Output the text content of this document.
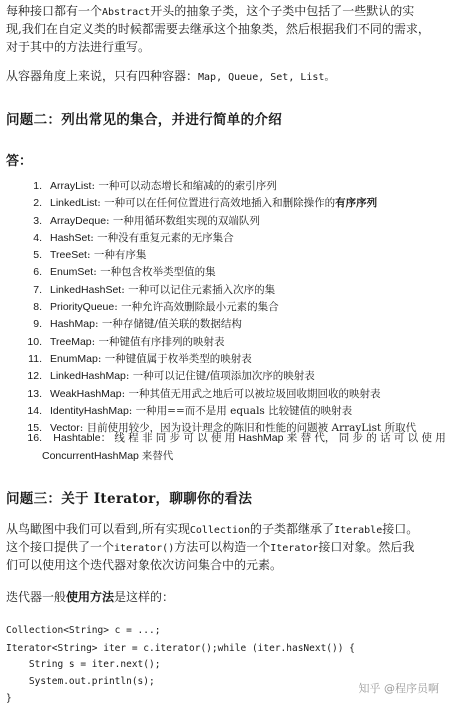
每种接口都有一个Abstract开头的抽象子类，这个子类中包括了一些默认的实

现,我们在自定义类的时候都需要去继承这个抽象类，然后根据我们不同的需求，

对于其中的方法进行重写。

从容器角度上来说，只有四种容器：Map, Queue, Set, List。

问题二：列出常见的集合，并进行简单的介绍
答：
1. ArrayList : 一种可以动态增长和缩减的的索引序列
2. LinkedList : 一种可以在任何位置进行高效地插入和删除操作的 有序序列
3. ArrayDeque : 一种用循环数组实现的双端队列
4. HashSet : 一种没有重复元素的无序集合
5. TreeSet : 一种有序集
6. EnumSet : 一种包含枚举类型值的集
7. LinkedHashSet : 一种可以记住元素插入次序的集
8. PriorityQueue : 一种允许高效删除最小元素的集合
9. HashMap : 一种存储键/值关联的数据结构
10. TreeMap : 一种键值有序排列的映射表
11. EnumMap : 一种键值属于枚举类型的映射表
12. LinkedHashMap : 一种可以记住键/值项添加次序的映射表
13. WeakHashMap : 一种其值无用武之地后可以被垃圾回收期回收的映射表
14. IdentityHashMap : 一种用==而不是用 equals 比较键值的映射表
15. Vector : 目前使用较少，因为设计理念的陈旧和性能的问题被 ArrayList 所取代
16.	Hashtable： 线 程 非 同 步 可 以 使 用 HashMap 来 替 代， 同 步 的 话 可 以 使 用
ConcurrentHashMap 来替代
问题三：关于 Iterator，聊聊你的看法

从鸟瞰图中我们可以看到,所有实现Collection的子类都继承了Iterable接口。

这个接口提供了一个iterator()方法可以构造一个Iterator接口对象。然后我

们可以使用这个迭代器对象依次访问集合中的元素。

迭代器一般使用方法是这样的：

Collection<String> c = ...;
Iterator<String> iter = c.iterator();while (iter.hasNext()) {
String s = iter.next();
System.out.println(s);
}
知乎 @程序员啊
